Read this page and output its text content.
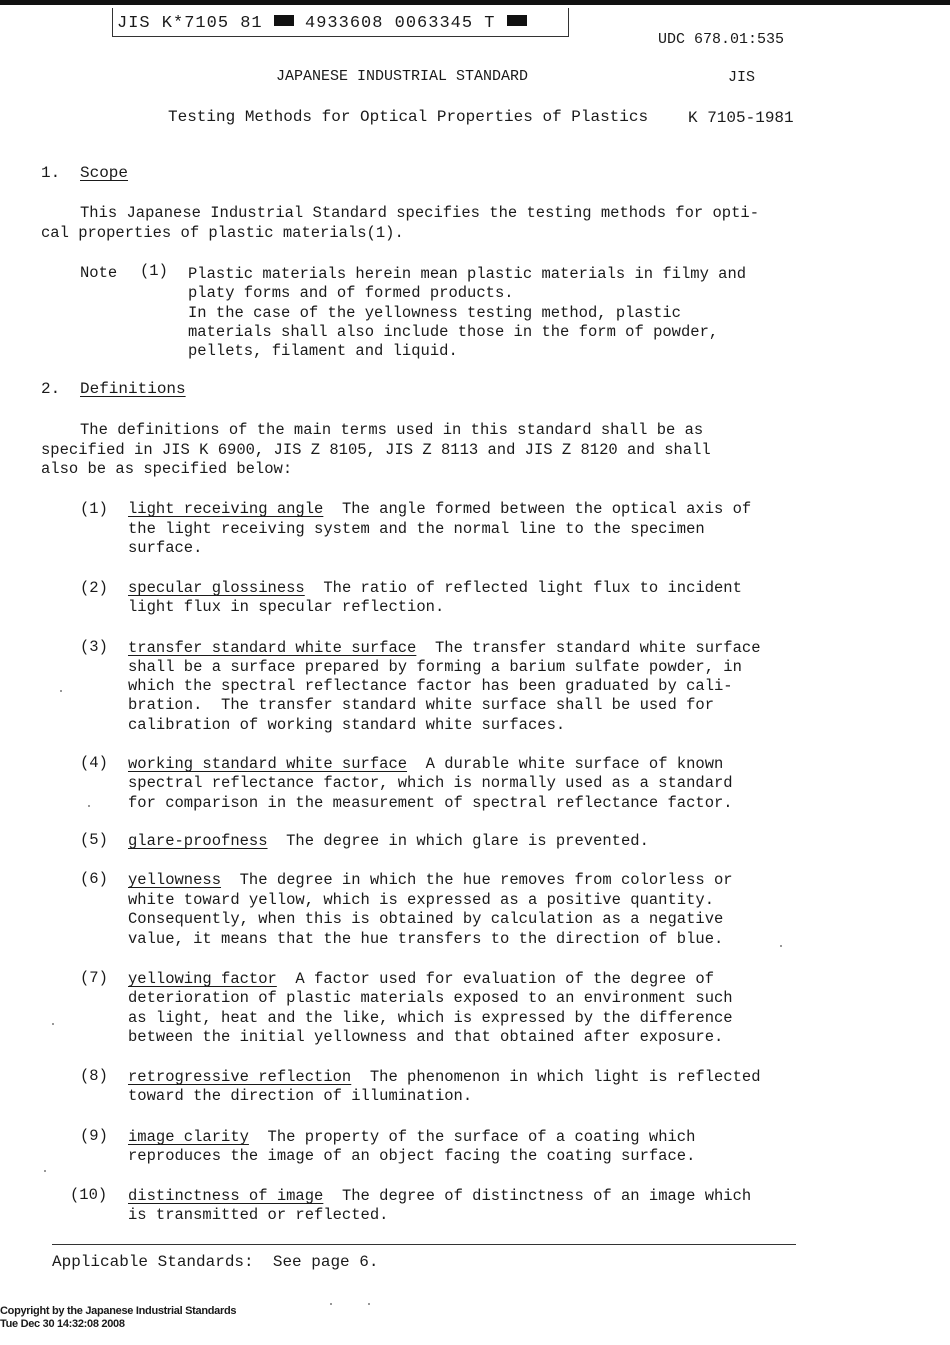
JIS K*7105 81  4933608 0063345 T
UDC 678.01:535
JAPANESE INDUSTRIAL STANDARD	JIS
Testing Methods for Optical Properties of Plastics K 7105-1981
1. Scope
This Japanese Industrial Standard specifies the testing methods for opti-
cal properties of plastic materials(1).
Note (1) Plastic materials herein mean plastic materials in filmy and
platy forms and of formed products.
In the case of the yellowness testing method, plastic
materials shall also include those in the form of powder,
pellets, filament and liquid.
2. Definitions
The definitions of the main terms used in this standard shall be as
specified in JIS K 6900, JIS Z 8105, JIS Z 8113 and JIS Z 8120 and shall
also be as specified below:
(1) light receiving angle  The angle formed between the optical axis of
the light receiving system and the normal line to the specimen
surface.
(2) specular glossiness  The ratio of reflected light flux to incident
light flux in specular reflection.
(3) transfer standard white surface  The transfer standard white surface
shall be a surface prepared by forming a barium sulfate powder, in
which the spectral reflectance factor has been graduated by cali-
bration.  The transfer standard white surface shall be used for
calibration of working standard white surfaces.
(4) working standard white surface  A durable white surface of known
spectral reflectance factor, which is normally used as a standard
for comparison in the measurement of spectral reflectance factor.
(5) glare-proofness  The degree in which glare is prevented.
(6) yellowness  The degree in which the hue removes from colorless or
white toward yellow, which is expressed as a positive quantity.
Consequently, when this is obtained by calculation as a negative
value, it means that the hue transfers to the direction of blue.
(7) yellowing factor  A factor used for evaluation of the degree of
deterioration of plastic materials exposed to an environment such
as light, heat and the like, which is expressed by the difference
between the initial yellowness and that obtained after exposure.
(8) retrogressive reflection  The phenomenon in which light is reflected
toward the direction of illumination.
(9) image clarity  The property of the surface of a coating which
reproduces the image of an object facing the coating surface.
(10) distinctness of image  The degree of distinctness of an image which
is transmitted or reflected.
Applicable Standards: See page 6.
Copyright by the Japanese Industrial Standards
Tue Dec 30 14:32:08 2008
